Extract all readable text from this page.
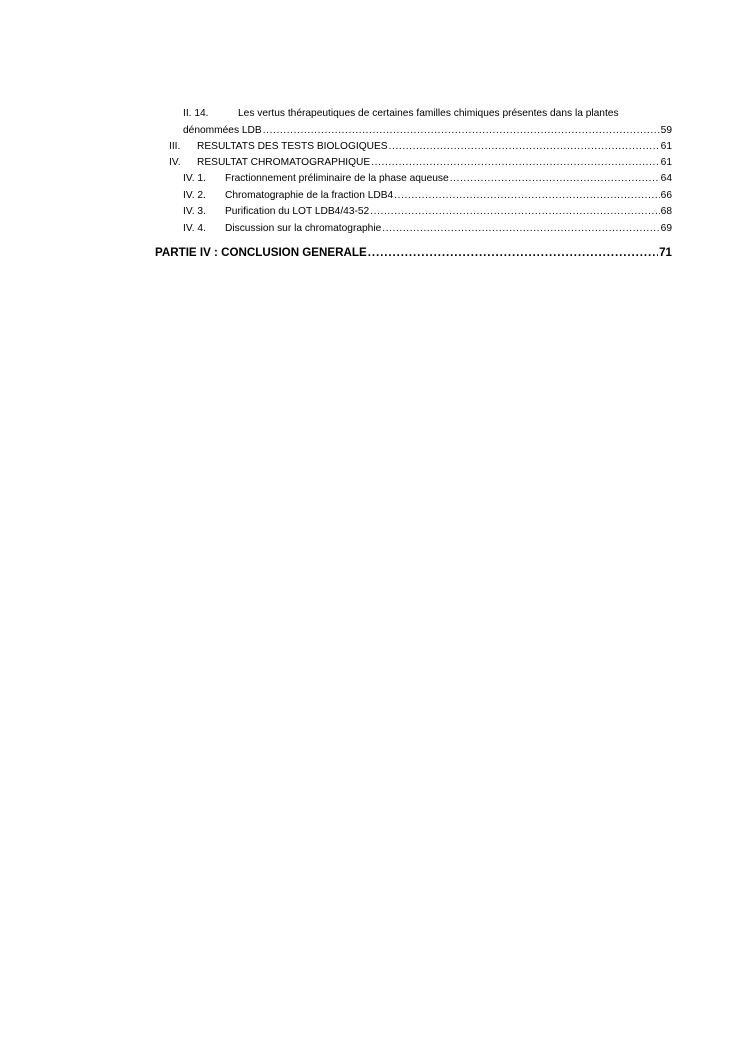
II. 14.	Les vertus thérapeutiques de certaines familles chimiques présentes dans la plantes
dénommées LDB .....	59
III.	RESULTATS DES TESTS BIOLOGIQUES .....	61
IV.	RESULTAT CHROMATOGRAPHIQUE .....	61
IV. 1.	Fractionnement préliminaire de la phase aqueuse .....	64
IV. 2.	Chromatographie de la fraction LDB4 .....	66
IV. 3.	Purification du LOT LDB4/43-52 .....	68
IV. 4.	Discussion sur la chromatographie .....	69
PARTIE IV : CONCLUSION GENERALE .....	71
